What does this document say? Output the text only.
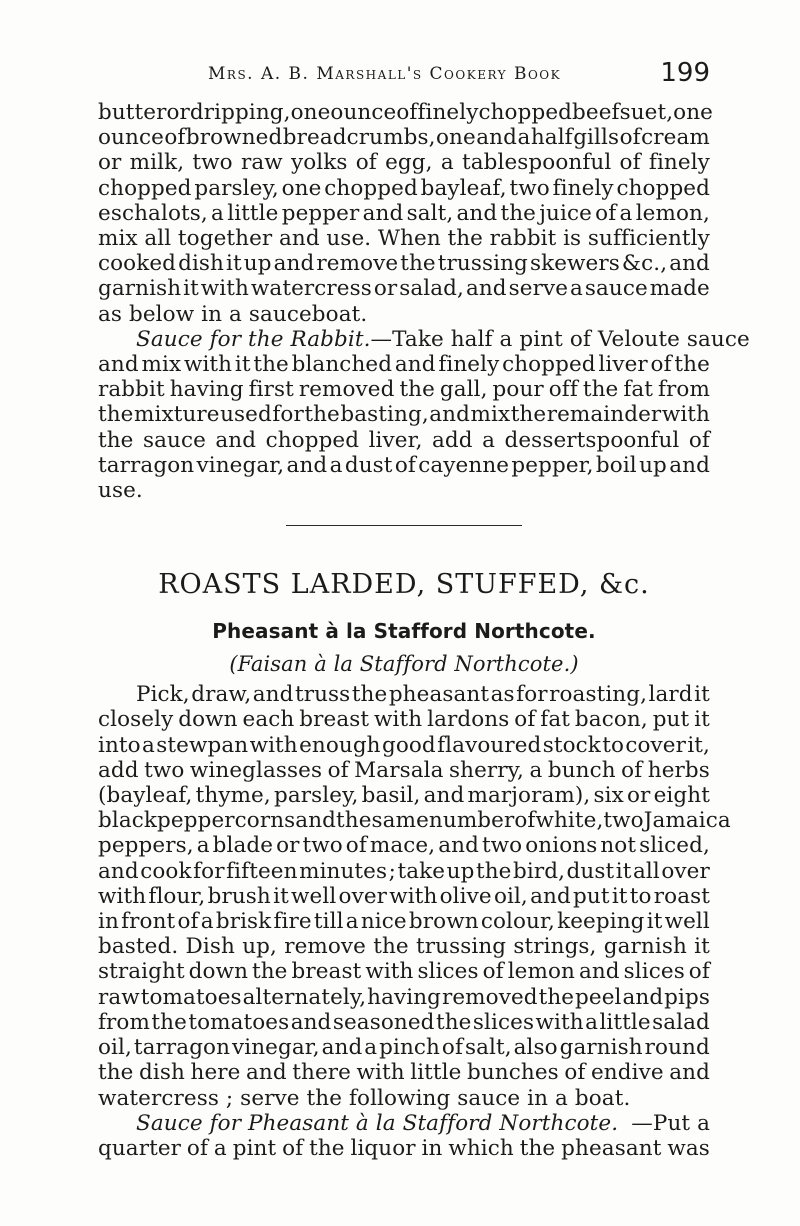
Mrs. A. B. Marshall's Cookery Book	199
butter or dripping, one ounce of finely chopped beef suet, one
ounce of browned breadcrumbs, one and a half gills of cream
or milk, two raw yolks of egg, a tablespoonful of finely
chopped parsley, one chopped bayleaf, two finely chopped
eschalots, a little pepper and salt, and the juice of a lemon,
mix all together and use. When the rabbit is sufficiently
cooked dish it up and remove the trussing skewers &c., and
garnish it with watercress or salad, and serve a sauce made
as below in a sauceboat.
Sauce for the Rabbit. —Take half a pint of Veloute sauce
and mix with it the blanched and finely chopped liver of the
rabbit having first removed the gall, pour off the fat from
the mixture used for the basting, and mix the remainder with
the sauce and chopped liver, add a dessertspoonful of
tarragon vinegar, and a dust of cayenne pepper, boil up and
use.
ROASTS LARDED, STUFFED, &c.
Pheasant à la Stafford Northcote.
(Faisan à la Stafford Northcote.)
Pick, draw, and truss the pheasant as for roasting, lard it
closely down each breast with lardons of fat bacon, put it
into a stewpan with enough good flavoured stock to cover it,
add two wineglasses of Marsala sherry, a bunch of herbs
(bayleaf, thyme, parsley, basil, and marjoram), six or eight
black peppercorns and the same number of white, two Jamaica
peppers, a blade or two of mace, and two onions not sliced,
and cook for fifteen minutes ; take up the bird, dust it all over
with flour, brush it well over with olive oil, and put it to roast
in front of a brisk fire till a nice brown colour, keeping it well
basted. Dish up, remove the trussing strings, garnish it
straight down the breast with slices of lemon and slices of
raw tomatoes alternately, having removed the peel and pips
from the tomatoes and seasoned the slices with a little salad
oil, tarragon vinegar, and a pinch of salt, also garnish round
the dish here and there with little bunches of endive and
watercress ; serve the following sauce in a boat.
Sauce for Pheasant à la Stafford Northcote. —Put a
quarter of a pint of the liquor in which the pheasant was
